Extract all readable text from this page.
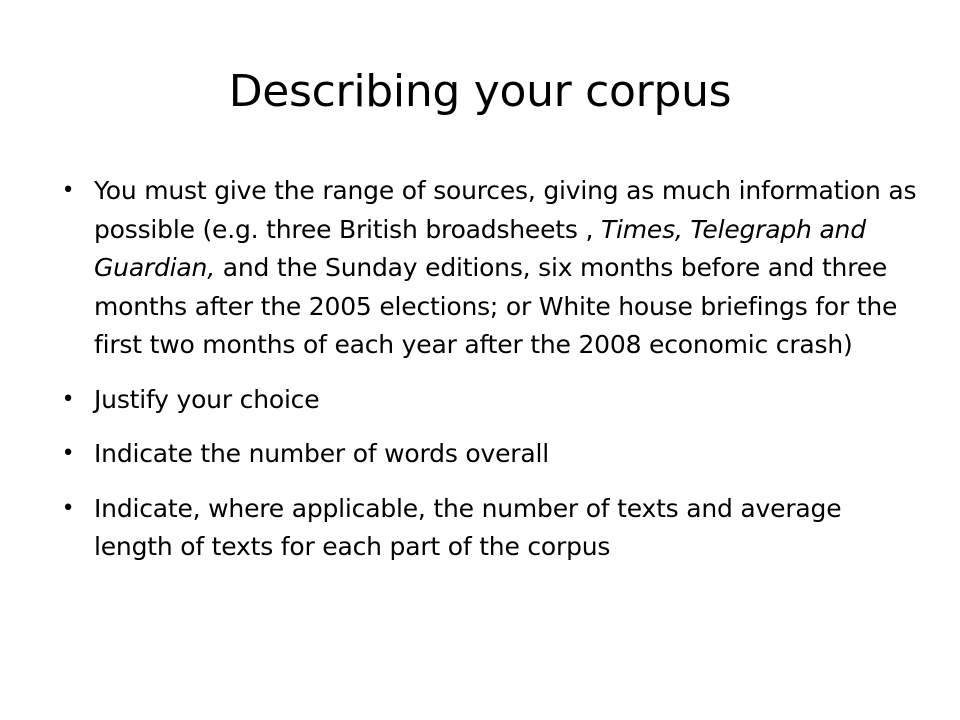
Describing your corpus
• You must give the range of sources, giving as much information as possible (e.g. three British broadsheets , Times, Telegraph and Guardian, and the Sunday editions, six months before and three months after the 2005 elections; or White house briefings for the first two months of each year after the 2008 economic crash)
• Justify your choice
• Indicate the number of words overall
• Indicate, where applicable, the number of texts and average length of texts for each part of the corpus
